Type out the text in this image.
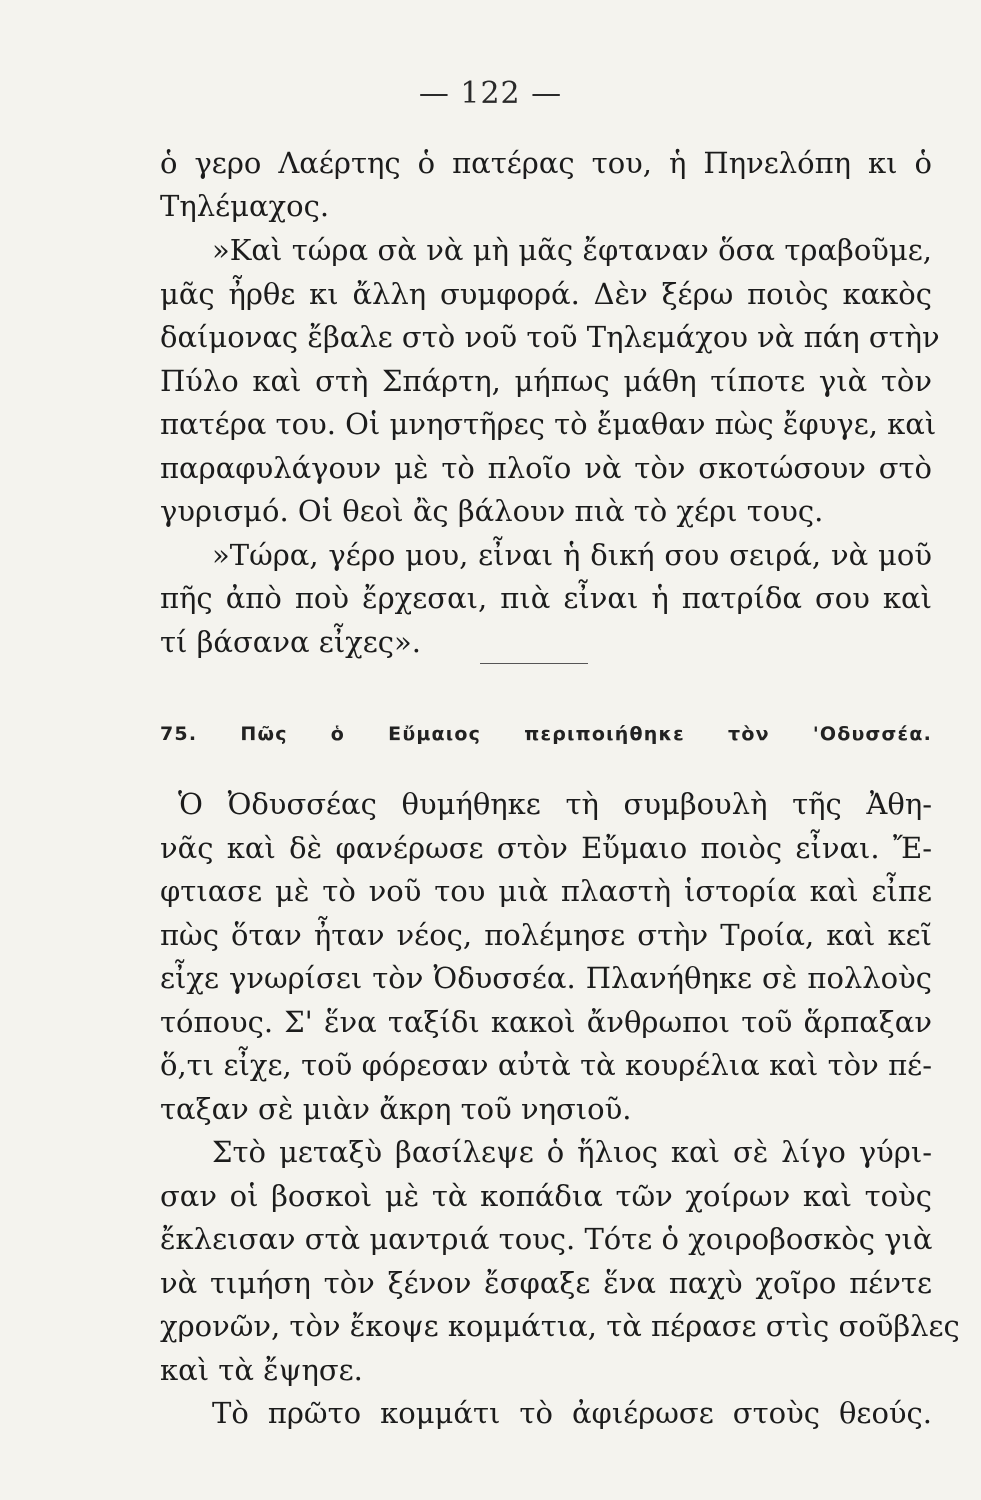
— 122 —
ὁ γερο Λαέρτης ὁ πατέρας του, ἡ Πηνελόπη κι ὁ
Τηλέμαχος.
»Καὶ τώρα σὰ νὰ μὴ μᾶς ἔφταναν ὅσα τραβοῦμε,
μᾶς ἦρθε κι ἄλλη συμφορά. Δὲν ξέρω ποιὸς κακὸς
δαίμονας ἔβαλε στὸ νοῦ τοῦ Τηλεμάχου νὰ πάη στὴν
Πύλο καὶ στὴ Σπάρτη, μήπως μάθη τίποτε γιὰ τὸν
πατέρα του. Οἱ μνηστῆρες τὸ ἔμαθαν πὼς ἔφυγε, καὶ
παραφυλάγουν μὲ τὸ πλοῖο νὰ τὸν σκοτώσουν στὸ
γυρισμό. Οἱ θεοὶ ἂς βάλουν πιὰ τὸ χέρι τους.
»Τώρα, γέρο μου, εἶναι ἡ δική σου σειρά, νὰ μοῦ
πῆς ἀπὸ ποὺ ἔρχεσαι, πιὰ εἶναι ἡ πατρίδα σου καὶ
τί βάσανα εἶχες».
75. Πῶς ὁ Εὔμαιος περιποιήθηκε τὸν 'Οδυσσέα.
Ὁ Ὀδυσσέας θυμήθηκε τὴ συμβουλὴ τῆς Ἀθη-
νᾶς καὶ δὲ φανέρωσε στὸν Εὔμαιο ποιὸς εἶναι. Ἔ-
φτιασε μὲ τὸ νοῦ του μιὰ πλαστὴ ἱστορία καὶ εἶπε
πὼς ὅταν ἦταν νέος, πολέμησε στὴν Τροία, καὶ κεῖ
εἶχε γνωρίσει τὸν Ὀδυσσέα. Πλανήθηκε σὲ πολλοὺς
τόπους. Σ' ἕνα ταξίδι κακοὶ ἄνθρωποι τοῦ ἅρπαξαν
ὅ,τι εἶχε, τοῦ φόρεσαν αὐτὰ τὰ κουρέλια καὶ τὸν πέ-
ταξαν σὲ μιὰν ἄκρη τοῦ νησιοῦ.
Στὸ μεταξὺ βασίλεψε ὁ ἥλιος καὶ σὲ λίγο γύρι-
σαν οἱ βοσκοὶ μὲ τὰ κοπάδια τῶν χοίρων καὶ τοὺς
ἔκλεισαν στὰ μαντριά τους. Τότε ὁ χοιροβοσκὸς γιὰ
νὰ τιμήση τὸν ξένον ἔσφαξε ἕνα παχὺ χοῖρο πέντε
χρονῶν, τὸν ἔκοψε κομμάτια, τὰ πέρασε στὶς σοῦβλες
καὶ τὰ ἔψησε.
Τὸ πρῶτο κομμάτι τὸ ἀφιέρωσε στοὺς θεούς.
